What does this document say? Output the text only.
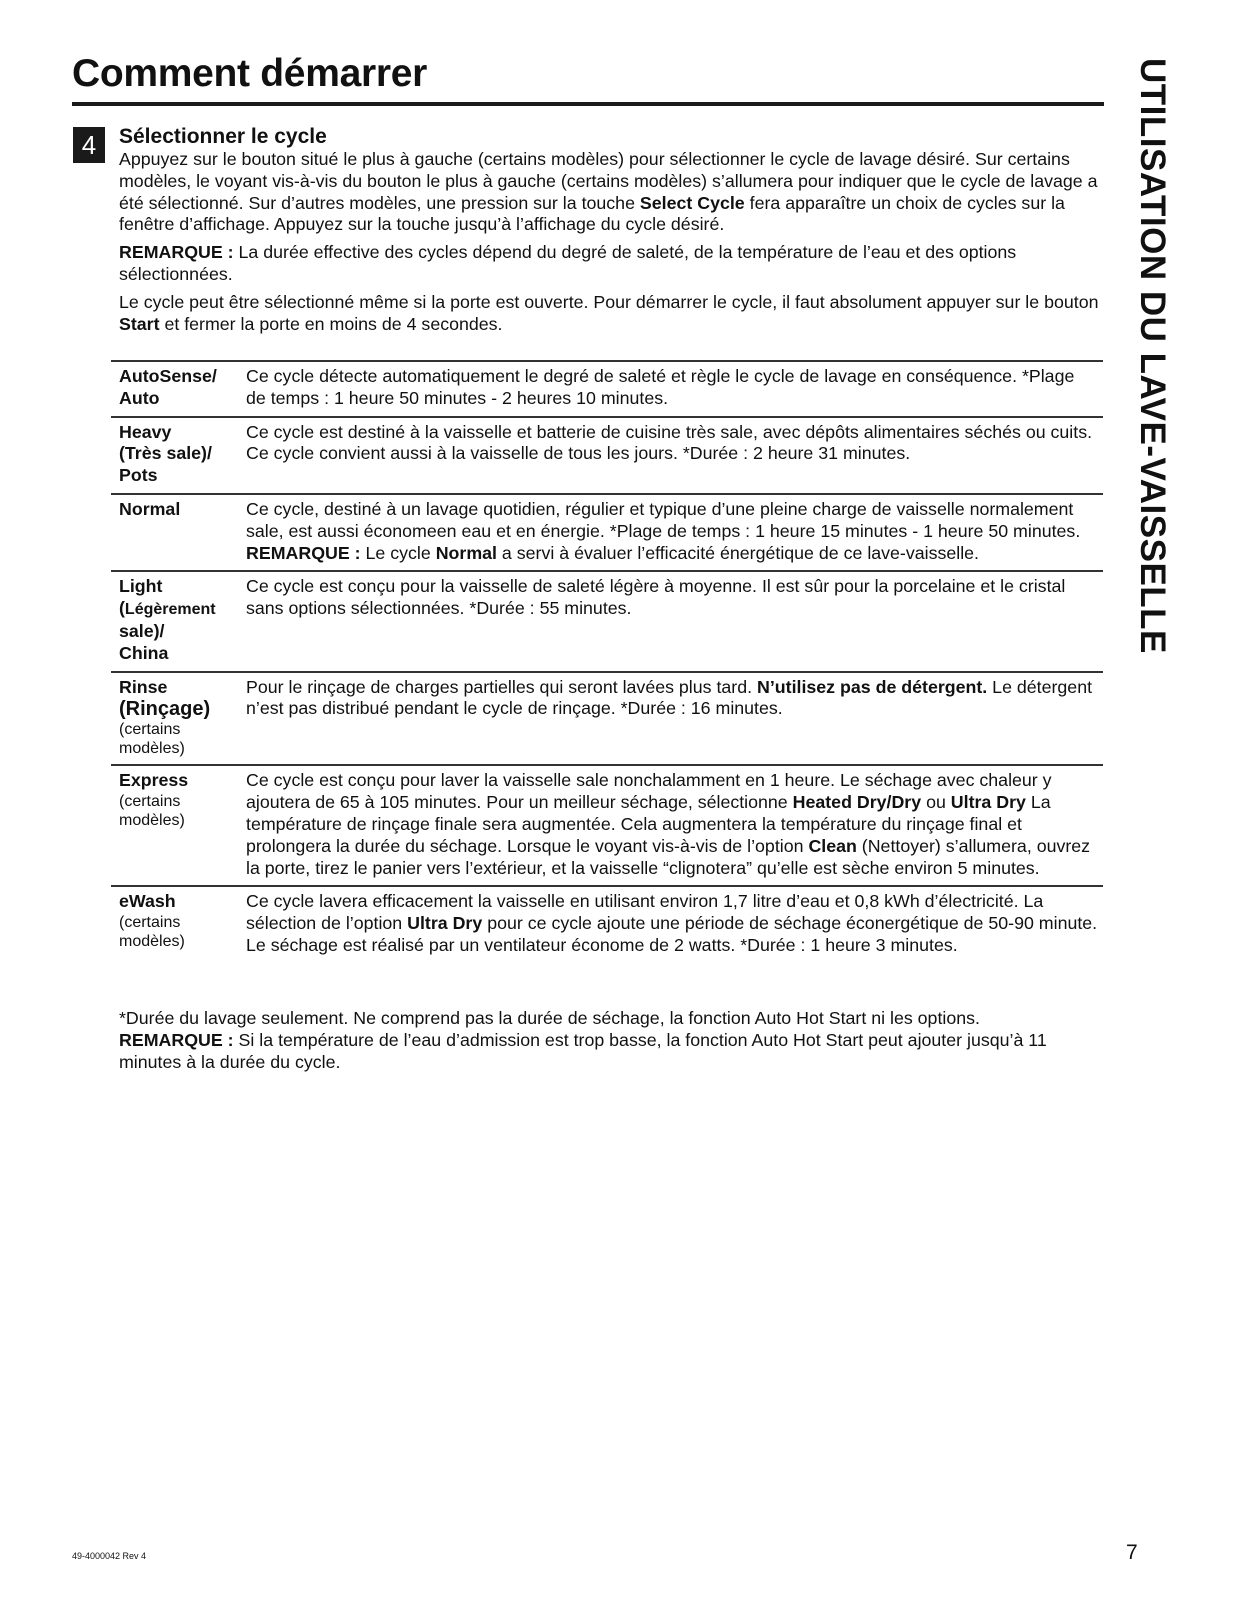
Comment démarrer	UTILISATION DU LAVE-VAISSELLE
4	Sélectionner le cycle

Appuyez sur le bouton situé le plus à gauche (certains modèles) pour sélectionner le cycle de lavage désiré. Sur certains modèles, le voyant vis-à-vis du bouton le plus à gauche (certains modèles) s’allumera pour indiquer que le cycle de lavage a été sélectionné. Sur d’autres modèles, une pression sur la touche Select Cycle fera apparaître un choix de cycles sur la fenêtre d’affichage. Appuyez sur la touche jusqu’à l’affichage du cycle désiré.

REMARQUE : La durée effective des cycles dépend du degré de saleté, de la température de l’eau et des options sélectionnées.

Le cycle peut être sélectionné même si la porte est ouverte. Pour démarrer le cycle, il faut absolument appuyer sur le bouton Start et fermer la porte en moins de 4 secondes.

AutoSense/ Auto	Ce cycle détecte automatiquement le degré de saleté et règle le cycle de lavage en conséquence. *Plage de temps : 1 heure 50 minutes - 2 heures 10 minutes.
Heavy
(Très sale)/
Pots	Ce cycle est destiné à la vaisselle et batterie de cuisine très sale, avec dépôts alimentaires séchés ou cuits. Ce cycle convient aussi à la vaisselle de tous les jours. *Durée : 2 heure 31 minutes.
Normal	Ce cycle, destiné à un lavage quotidien, régulier et typique d’une pleine charge de vaisselle normalement sale, est aussi économeen eau et en énergie. *Plage de temps : 1 heure 15 minutes - 1 heure 50 minutes. REMARQUE : Le cycle Normal a servi à évaluer l’efficacité énergétique de ce lave-vaisselle.
Light
(Légèrement
sale)/
China	Ce cycle est conçu pour la vaisselle de saleté légère à moyenne. Il est sûr pour la porcelaine et le cristal sans options sélectionnées. *Durée : 55 minutes.
Rinse
(Rinçage)
(certains modèles)	Pour le rinçage de charges partielles qui seront lavées plus tard. N’utilisez pas de détergent. Le détergent n’est pas distribué pendant le cycle de rinçage. *Durée : 16 minutes.
Express
(certains modèles)	Ce cycle est conçu pour laver la vaisselle sale nonchalamment en 1 heure. Le séchage avec chaleur y ajoutera de 65 à 105 minutes. Pour un meilleur séchage, sélectionne Heated Dry/Dry ou Ultra Dry La température de rinçage finale sera augmentée. Cela augmentera la température du rinçage final et prolongera la durée du séchage. Lorsque le voyant vis-à-vis de l’option Clean (Nettoyer) s’allumera, ouvrez la porte, tirez le panier vers l’extérieur, et la vaisselle “clignotera” qu’elle est sèche environ 5 minutes.
eWash
(certains modèles)	Ce cycle lavera efficacement la vaisselle en utilisant environ 1,7 litre d’eau et 0,8 kWh d’électricité. La sélection de l’option Ultra Dry pour ce cycle ajoute une période de séchage éconergétique de 50-90 minute. Le séchage est réalisé par un ventilateur économe de 2 watts. *Durée : 1 heure 3 minutes.

*Durée du lavage seulement. Ne comprend pas la durée de séchage, la fonction Auto Hot Start ni les options.
REMARQUE : Si la température de l’eau d’admission est trop basse, la fonction Auto Hot Start peut ajouter jusqu’à 11 minutes à la durée du cycle.

49-4000042 Rev 4	7
